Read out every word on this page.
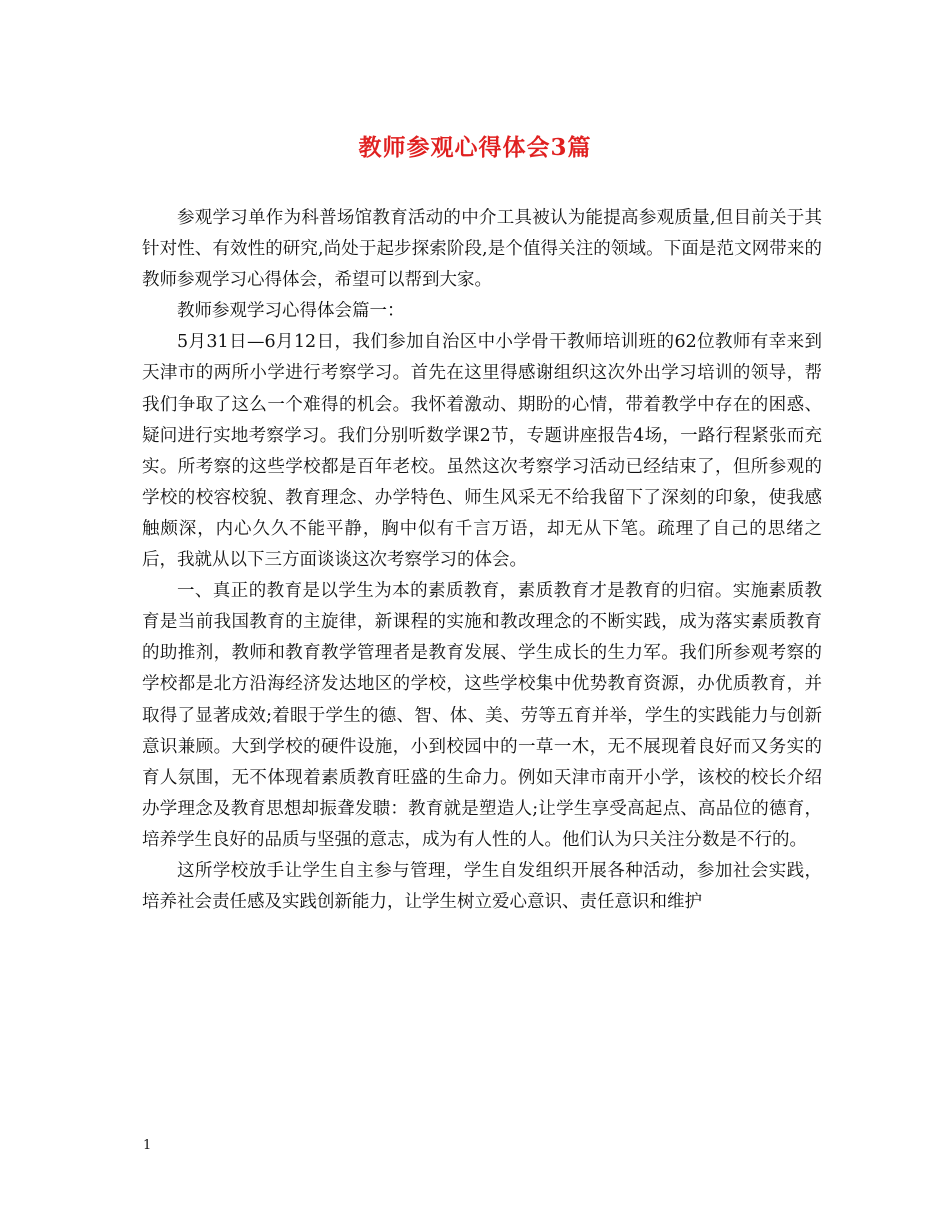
教师参观心得体会3篇

参观学习单作为科普场馆教育活动的中介工具被认为能提高参观质量,但目前关于其针对性、有效性的研究,尚处于起步探索阶段,是个值得关注的领域。下面是范文网带来的教师参观学习心得体会，希望可以帮到大家。

教师参观学习心得体会篇一：

5月31日—6月12日，我们参加自治区中小学骨干教师培训班的62位教师有幸来到天津市的两所小学进行考察学习。首先在这里得感谢组织这次外出学习培训的领导，帮我们争取了这么一个难得的机会。我怀着激动、期盼的心情，带着教学中存在的困惑、疑问进行实地考察学习。我们分别听数学课2节，专题讲座报告4场，一路行程紧张而充实。所考察的这些学校都是百年老校。虽然这次考察学习活动已经结束了，但所参观的学校的校容校貌、教育理念、办学特色、师生风采无不给我留下了深刻的印象，使我感触颇深，内心久久不能平静，胸中似有千言万语，却无从下笔。疏理了自己的思绪之后，我就从以下三方面谈谈这次考察学习的体会。

一、真正的教育是以学生为本的素质教育，素质教育才是教育的归宿。实施素质教育是当前我国教育的主旋律，新课程的实施和教改理念的不断实践，成为落实素质教育的助推剂，教师和教育教学管理者是教育发展、学生成长的生力军。我们所参观考察的学校都是北方沿海经济发达地区的学校，这些学校集中优势教育资源，办优质教育，并取得了显著成效;着眼于学生的德、智、体、美、劳等五育并举，学生的实践能力与创新意识兼顾。大到学校的硬件设施，小到校园中的一草一木，无不展现着良好而又务实的育人氛围，无不体现着素质教育旺盛的生命力。例如天津市南开小学，该校的校长介绍办学理念及教育思想却振聋发聩：教育就是塑造人;让学生享受高起点、高品位的德育，培养学生良好的品质与坚强的意志，成为有人性的人。他们认为只关注分数是不行的。

这所学校放手让学生自主参与管理，学生自发组织开展各种活动，参加社会实践，培养社会责任感及实践创新能力，让学生树立爱心意识、责任意识和维护

1
